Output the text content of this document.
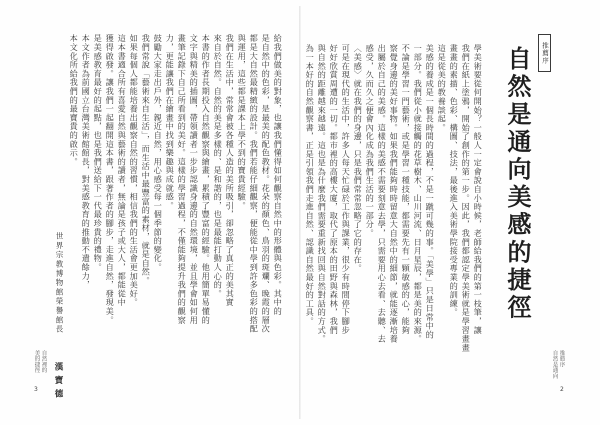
推薦序
自然是通向美感的捷徑
學美術要從何開始？一般人一定會說自小時候，老師給我們的第一枝筆，讓
我們在紙上塗鴉，開始了創作的第一步。因此，我們都認定學美術就是學習畫畫
畫畫的素描、色彩、構圖、技法，最後進入美術學院接受專業的訓練。
這是從美的教養談起。
美感的養成是一個長時間的過程，不是一蹴可幾的事。「美學」只是日常中的
一部分。我們從小就接觸的花草樹木、山川河流、日月星辰，都是美的來源。
不論是學習一門藝術，或是學習一種技能，都需要先有一顆敏感的心，能夠
察覺身邊的美好事物。如果我們能夠時時留意大自然中的細節，就能逐漸培養
出屬於自己的美感。這樣的美感不需要刻意去學，只需要用心去看、去聽、去
感受，久而久之便會內化成為我們生活的一部分。
〈美感〉就在我們的身邊，只是我們常常忽略了它的存在。
可是在現代的生活中，許多人每天忙碌於工作與課業，很少有時間停下腳步
好好欣賞周遭的一切。都市裡的高樓大廈，取代了原本的田野與森林，我們
與自然的距離越來越遠。這也是為什麼我們需要重新找回與自然對話的方式。
為一本好的自然觀察書，正是引領我們走進自然、認識自然最好的工具。
2
推薦序
自然是通向
給我們做美的對象，也讓我們懂得如何觀察自然中的形體與色彩。其中的
是自然中的色彩，是最美的配色教材。花朵的顏色、鳥羽的斑斕、晚霞的層次
都是大自然最精緻的設計。我們若能仔細觀察，便能從中學到許多色彩的搭配
與運用，這些都是課本上學不到的寶貴經驗。
我們在生活中，常常會被各種人造的美所吸引，卻忽略了真正的美其實
來自於自然。自然的美是多樣的、是和諧的，也是最能打動人心的。
本書的作者長期投入自然觀察與繪畫，累積了豐富的經驗。他用簡單易懂的
文字與精美的插圖，帶領讀者一步步認識身邊的自然環境，並且學會如何用
畫筆記錄下自己所看到的美好。這樣的學習過程，不僅能夠提升我們的觀察
力，更能讓我們在繪畫中找到樂趣與成就感。
鼓勵大家走出戶外，親近自然，用心感受每一個季節的變化。
我們常說「藝術來自生活」，而生活中最豐富的素材，就是自然。
如果每個人都能培養出觀察自然的習慣，相信我們的生活會更加美好。
這本書適合所有喜愛自然與藝術的讀者，無論是孩子或大人，都能從中
獲得啟發。讓我們一起翻開這本書，跟著作者的腳步，走進自然，發現美。
是美感教育最好的起點，也是我們送給下一代最珍貴的禮物。
本文作者為前國立台灣美術館館長，對美感教育的推動不遺餘力，
本文化所給我們的最寶貴的啟示。
世界宗教博物館榮譽館長
漢寶德
3
自然裡的
美的捷徑
